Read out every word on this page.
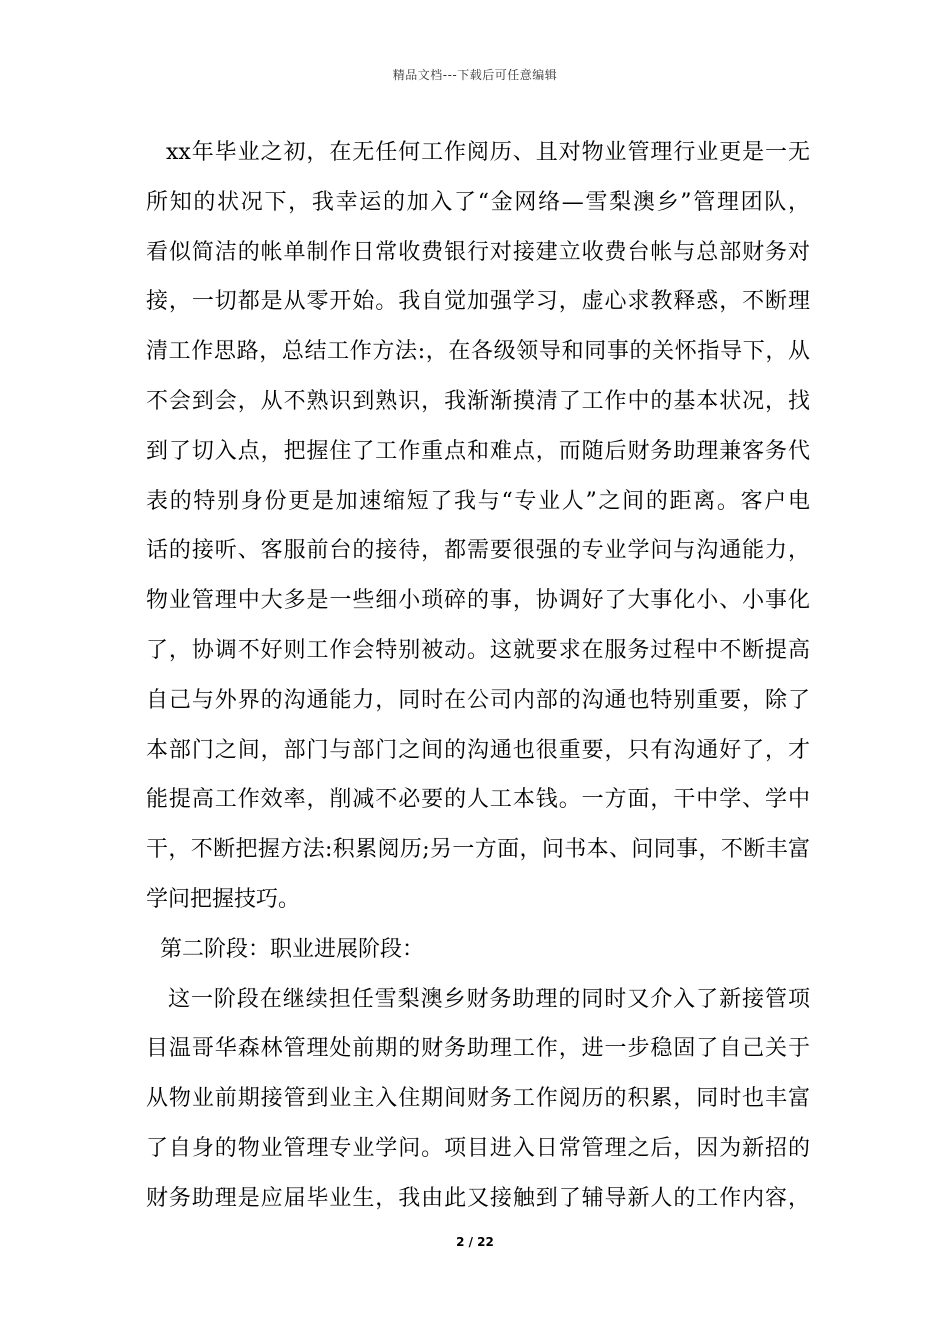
精品文档---下载后可任意编辑
xx年毕业之初，在无任何工作阅历、且对物业管理行业更是一无
所知的状况下，我幸运的加入了“金网络—雪梨澳乡”管理团队，
看似简洁的帐单制作日常收费银行对接建立收费台帐与总部财务对
接，一切都是从零开始。我自觉加强学习，虚心求教释惑，不断理
清工作思路，总结工作方法:，在各级领导和同事的关怀指导下，从
不会到会，从不熟识到熟识，我渐渐摸清了工作中的基本状况，找
到了切入点，把握住了工作重点和难点，而随后财务助理兼客务代
表的特别身份更是加速缩短了我与“专业人”之间的距离。客户电
话的接听、客服前台的接待，都需要很强的专业学问与沟通能力，
物业管理中大多是一些细小琐碎的事，协调好了大事化小、小事化
了，协调不好则工作会特别被动。这就要求在服务过程中不断提高
自己与外界的沟通能力，同时在公司内部的沟通也特别重要，除了
本部门之间，部门与部门之间的沟通也很重要，只有沟通好了，才
能提高工作效率，削减不必要的人工本钱。一方面，干中学、学中
干，不断把握方法:积累阅历;另一方面，问书本、问同事，不断丰富
学问把握技巧。
第二阶段：职业进展阶段：
这一阶段在继续担任雪梨澳乡财务助理的同时又介入了新接管项
目温哥华森林管理处前期的财务助理工作，进一步稳固了自己关于
从物业前期接管到业主入住期间财务工作阅历的积累，同时也丰富
了自身的物业管理专业学问。项目进入日常管理之后，因为新招的
财务助理是应届毕业生，我由此又接触到了辅导新人的工作内容，
2 / 22
